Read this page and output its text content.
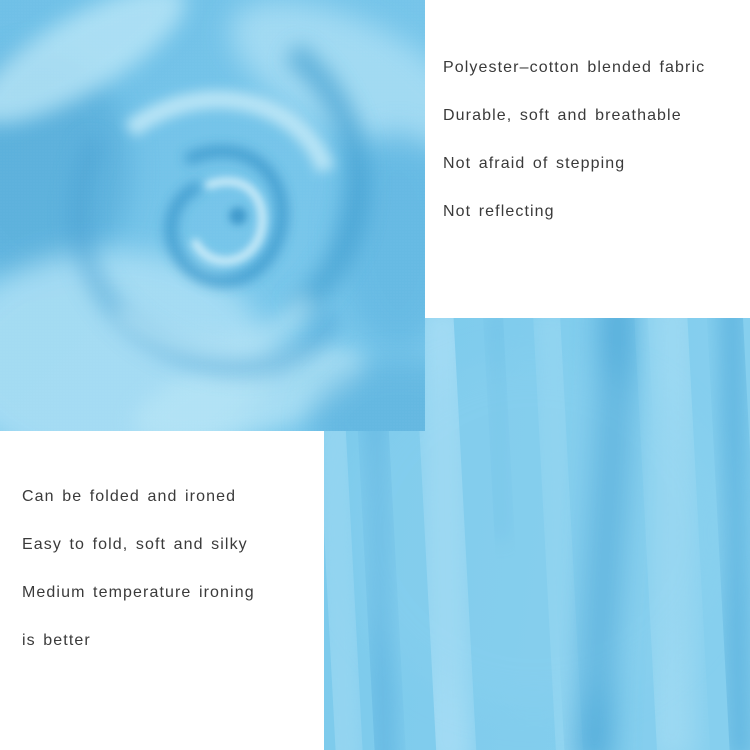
Polyester–cotton blended fabric

Durable, soft and breathable

Not afraid of stepping

Not reflecting

Can be folded and ironed

Easy to fold, soft and silky

Medium temperature ironing

is better
